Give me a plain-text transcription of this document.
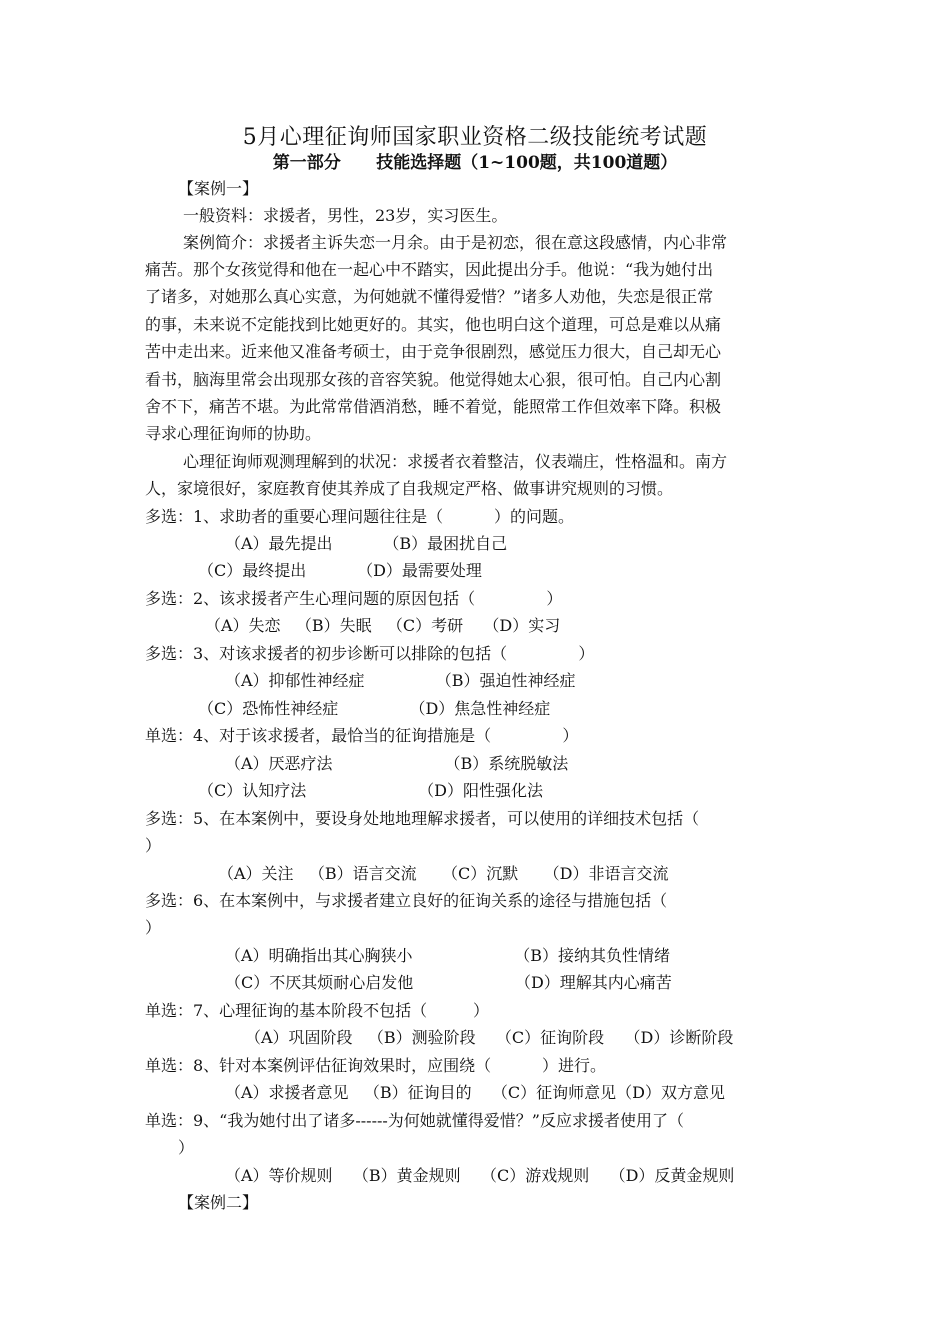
5月心理征询师国家职业资格二级技能统考试题
第一部分      技能选择题（1~100题，共100道题）
【案例一】
一般资料：求援者，男性，23岁，实习医生。
案例简介：求援者主诉失恋一月余。由于是初恋，很在意这段感情，内心非常
痛苦。那个女孩觉得和他在一起心中不踏实，因此提出分手。他说：“我为她付出
了诸多，对她那么真心实意，为何她就不懂得爱惜？”诸多人劝他，失恋是很正常
的事，未来说不定能找到比她更好的。其实，他也明白这个道理，可总是难以从痛
苦中走出来。近来他又准备考硕士，由于竞争很剧烈，感觉压力很大，自己却无心
看书，脑海里常会出现那女孩的音容笑貌。他觉得她太心狠，很可怕。自己内心割
舍不下，痛苦不堪。为此常常借酒消愁，睡不着觉，能照常工作但效率下降。积极
寻求心理征询师的协助。
心理征询师观测理解到的状况：求援者衣着整洁，仪表端庄，性格温和。南方
人，家境很好，家庭教育使其养成了自我规定严格、做事讲究规则的习惯。
多选：1、求助者的重要心理问题往往是（          ）的问题。
（A）最先提出          （B）最困扰自己
（C）最终提出          （D）最需要处理
多选：2、该求援者产生心理问题的原因包括（              ）
（A）失恋   （B）失眠   （C）考研    （D）实习
多选：3、对该求援者的初步诊断可以排除的包括（              ）
（A）抑郁性神经症              （B）强迫性神经症
（C）恐怖性神经症              （D）焦急性神经症
单选：4、对于该求援者，最恰当的征询措施是（              ）
（A）厌恶疗法                      （B）系统脱敏法
（C）认知疗法                      （D）阳性强化法
多选：5、在本案例中，要设身处地地理解求援者，可以使用的详细技术包括（
）
（A）关注   （B）语言交流     （C）沉默     （D）非语言交流
多选：6、在本案例中，与求援者建立良好的征询关系的途径与措施包括（
）
（A）明确指出其心胸狭小                    （B）接纳其负性情绪
（C）不厌其烦耐心启发他                    （D）理解其内心痛苦
单选：7、心理征询的基本阶段不包括（         ）
（A）巩固阶段   （B）测验阶段    （C）征询阶段    （D）诊断阶段
单选：8、针对本案例评估征询效果时，应围绕（          ）进行。
（A）求援者意见   （B）征询目的    （C）征询师意见（D）双方意见
单选：9、“我为她付出了诸多------为何她就懂得爱惜？”反应求援者使用了（
）
（A）等价规则    （B）黄金规则    （C）游戏规则    （D）反黄金规则
【案例二】
